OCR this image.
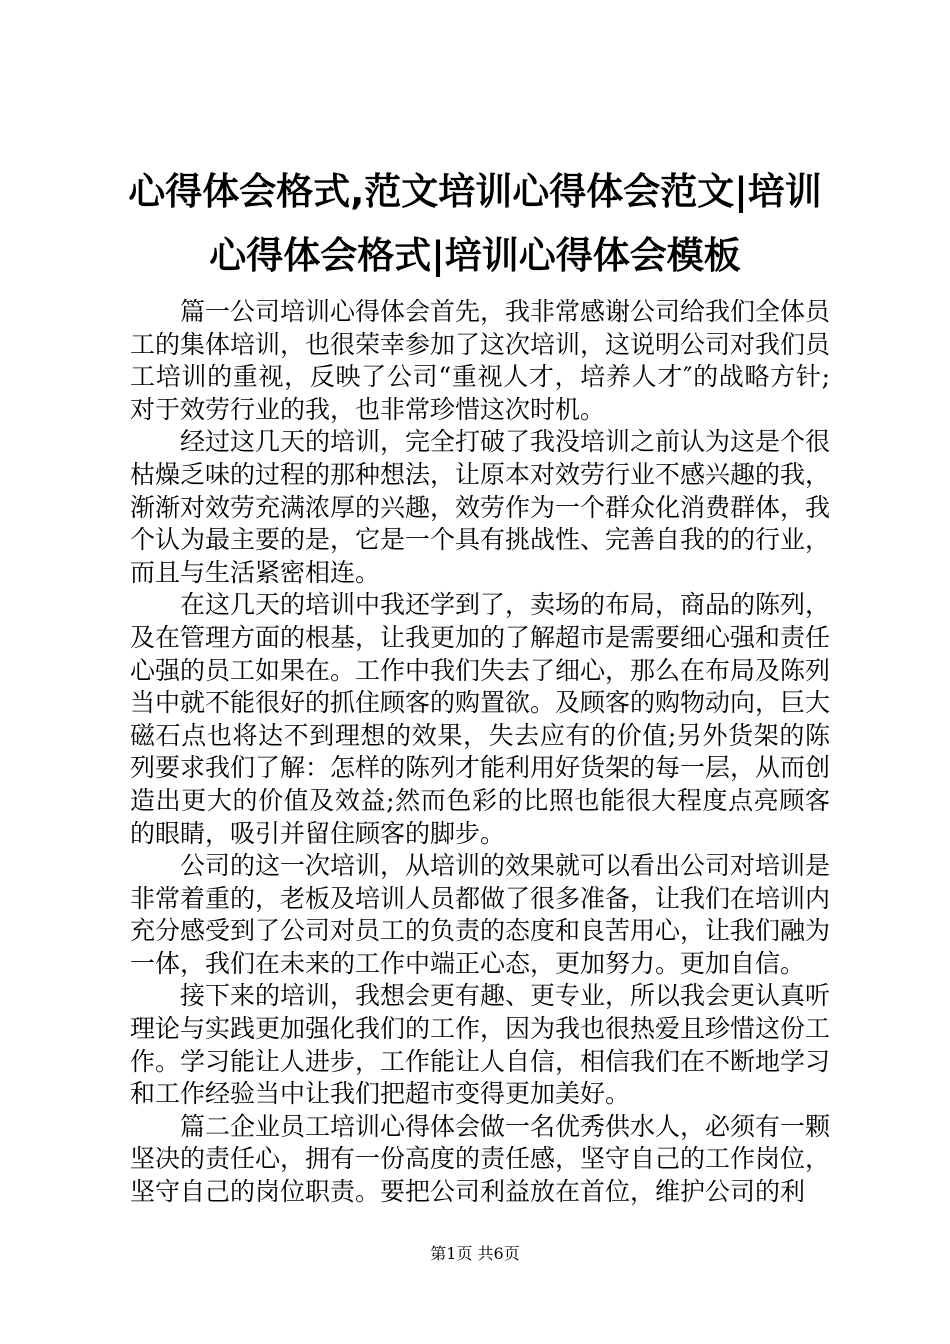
心得体会格式,范文培训心得体会范文|培训心得体会格式|培训心得体会模板

篇一公司培训心得体会首先，我非常感谢公司给我们全体员工的集体培训，也很荣幸参加了这次培训，这说明公司对我们员工培训的重视，反映了公司“重视人才，培养人才″的战略方针;对于效劳行业的我，也非常珍惜这次时机。

经过这几天的培训，完全打破了我没培训之前认为这是个很枯燥乏味的过程的那种想法，让原本对效劳行业不感兴趣的我，渐渐对效劳充满浓厚的兴趣，效劳作为一个群众化消费群体，我个认为最主要的是，它是一个具有挑战性、完善自我的的行业，而且与生活紧密相连。

在这几天的培训中我还学到了，卖场的布局，商品的陈列，及在管理方面的根基，让我更加的了解超市是需要细心强和责任心强的员工如果在。工作中我们失去了细心，那么在布局及陈列当中就不能很好的抓住顾客的购置欲。及顾客的购物动向，巨大磁石点也将达不到理想的效果，失去应有的价值;另外货架的陈列要求我们了解：怎样的陈列才能利用好货架的每一层，从而创造出更大的价值及效益;然而色彩的比照也能很大程度点亮顾客的眼睛，吸引并留住顾客的脚步。

公司的这一次培训，从培训的效果就可以看出公司对培训是非常着重的，老板及培训人员都做了很多准备，让我们在培训内充分感受到了公司对员工的负责的态度和良苦用心，让我们融为一体，我们在未来的工作中端正心态，更加努力。更加自信。

接下来的培训，我想会更有趣、更专业，所以我会更认真听理论与实践更加强化我们的工作，因为我也很热爱且珍惜这份工作。学习能让人进步，工作能让人自信，相信我们在不断地学习和工作经验当中让我们把超市变得更加美好。

篇二企业员工培训心得体会做一名优秀供水人，必须有一颗坚决的责任心，拥有一份高度的责任感，坚守自己的工作岗位，坚守自己的岗位职责。要把公司利益放在首位，维护公司的利

第1页 共6页
